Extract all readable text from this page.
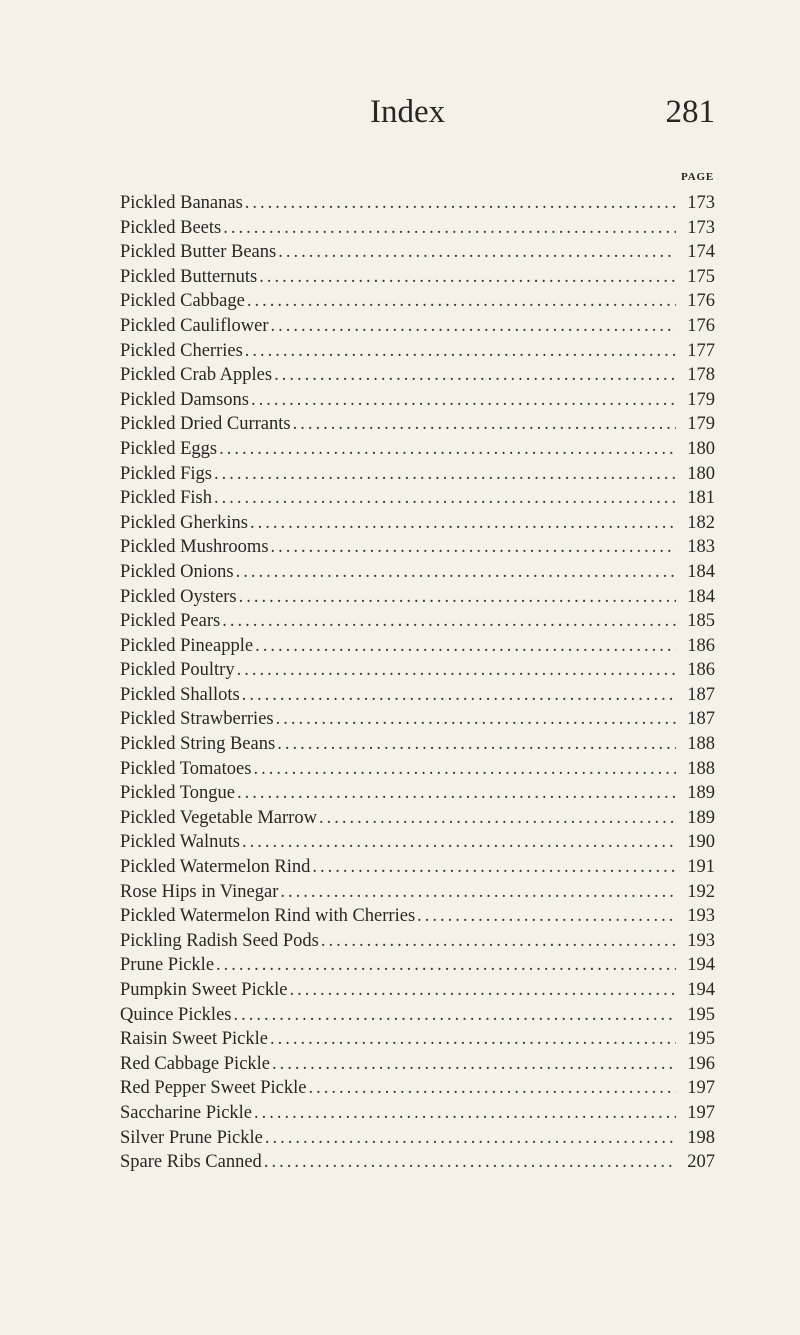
Index	281
PAGE
Pickled Bananas .....	173
Pickled Beets .....	173
Pickled Butter Beans .....	174
Pickled Butternuts .....	175
Pickled Cabbage .....	176
Pickled Cauliflower .....	176
Pickled Cherries .....	177
Pickled Crab Apples .....	178
Pickled Damsons .....	179
Pickled Dried Currants .....	179
Pickled Eggs .....	180
Pickled Figs .....	180
Pickled Fish .....	181
Pickled Gherkins .....	182
Pickled Mushrooms .....	183
Pickled Onions .....	184
Pickled Oysters .....	184
Pickled Pears .....	185
Pickled Pineapple .....	186
Pickled Poultry .....	186
Pickled Shallots .....	187
Pickled Strawberries .....	187
Pickled String Beans .....	188
Pickled Tomatoes .....	188
Pickled Tongue .....	189
Pickled Vegetable Marrow .....	189
Pickled Walnuts .....	190
Pickled Watermelon Rind .....	191
Rose Hips in Vinegar .....	192
Pickled Watermelon Rind with Cherries .....	193
Pickling Radish Seed Pods .....	193
Prune Pickle .....	194
Pumpkin Sweet Pickle .....	194
Quince Pickles .....	195
Raisin Sweet Pickle .....	195
Red Cabbage Pickle .....	196
Red Pepper Sweet Pickle .....	197
Saccharine Pickle .....	197
Silver Prune Pickle .....	198
Spare Ribs Canned .....	207
